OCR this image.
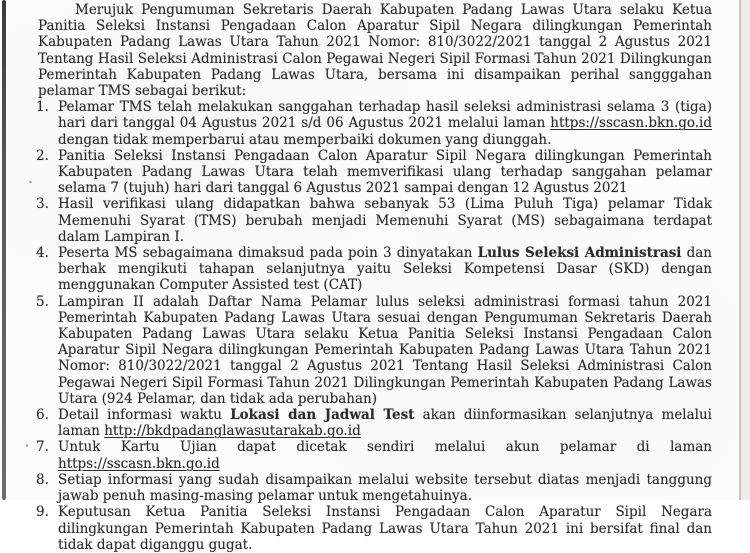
Merujuk Pengumuman Sekretaris Daerah Kabupaten Padang Lawas Utara selaku Ketua Panitia Seleksi Instansi Pengadaan Calon Aparatur Sipil Negara dilingkungan Pemerintah Kabupaten Padang Lawas Utara Tahun 2021 Nomor: 810/3022/2021 tanggal 2 Agustus 2021 Tentang Hasil Seleksi Administrasi Calon Pegawai Negeri Sipil Formasi Tahun 2021 Dilingkungan Pemerintah Kabupaten Padang Lawas Utara, bersama ini disampaikan perihal sangggahan pelamar TMS sebagai berikut:

1. Pelamar TMS telah melakukan sanggahan terhadap hasil seleksi administrasi selama 3 (tiga) hari dari tanggal 04 Agustus 2021 s/d 06 Agustus 2021 melalui laman https://sscasn.bkn.go.id dengan tidak memperbarui atau memperbaiki dokumen yang diunggah.
2. Panitia Seleksi Instansi Pengadaan Calon Aparatur Sipil Negara dilingkungan Pemerintah Kabupaten Padang Lawas Utara telah memverifikasi ulang terhadap sanggahan pelamar selama 7 (tujuh) hari dari tanggal 6 Agustus 2021 sampai dengan 12 Agustus 2021
3. Hasil verifikasi ulang didapatkan bahwa sebanyak 53 (Lima Puluh Tiga) pelamar Tidak Memenuhi Syarat (TMS) berubah menjadi Memenuhi Syarat (MS) sebagaimana terdapat dalam Lampiran I.
4. Peserta MS sebagaimana dimaksud pada poin 3 dinyatakan Lulus Seleksi Administrasi dan berhak mengikuti tahapan selanjutnya yaitu Seleksi Kompetensi Dasar (SKD) dengan menggunakan Computer Assisted test (CAT)
5. Lampiran II adalah Daftar Nama Pelamar lulus seleksi administrasi formasi tahun 2021 Pemerintah Kabupaten Padang Lawas Utara sesuai dengan Pengumuman Sekretaris Daerah Kabupaten Padang Lawas Utara selaku Ketua Panitia Seleksi Instansi Pengadaan Calon Aparatur Sipil Negara dilingkungan Pemerintah Kabupaten Padang Lawas Utara Tahun 2021 Nomor: 810/3022/2021 tanggal 2 Agustus 2021 Tentang Hasil Seleksi Administrasi Calon Pegawai Negeri Sipil Formasi Tahun 2021 Dilingkungan Pemerintah Kabupaten Padang Lawas Utara (924 Pelamar, dan tidak ada perubahan)
6. Detail informasi waktu Lokasi dan Jadwal Test akan diinformasikan selanjutnya melalui laman http://bkdpadanglawasutarakab.go.id
7. Untuk Kartu Ujian dapat dicetak sendiri melalui akun pelamar di laman https://sscasn.bkn.go.id
8. Setiap informasi yang sudah disampaikan melalui website tersebut diatas menjadi tanggung jawab penuh masing-masing pelamar untuk mengetahuinya.
9. Keputusan Ketua Panitia Seleksi Instansi Pengadaan Calon Aparatur Sipil Negara dilingkungan Pemerintah Kabupaten Padang Lawas Utara Tahun 2021 ini bersifat final dan tidak dapat diganggu gugat.
